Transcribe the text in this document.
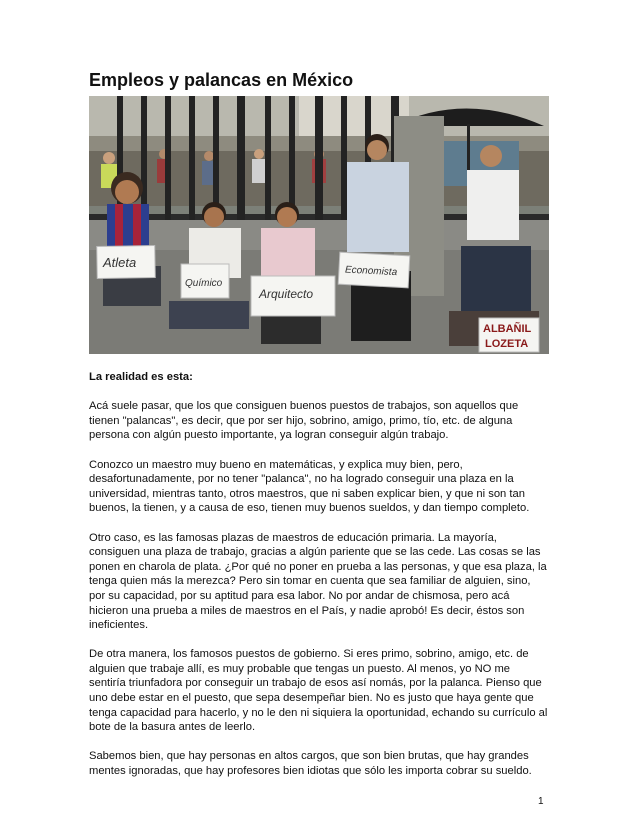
Empleos y palancas en México
Atleta
Químico
Arquitecto
Economista
ALBAÑIL
LOZETA

La realidad es esta:

Acá suele pasar, que los que consiguen buenos puestos de trabajos, son aquellos que tienen "palancas", es decir, que por ser hijo, sobrino, amigo, primo, tío, etc. de alguna persona con algún puesto importante, ya logran conseguir algún trabajo.

Conozco un maestro muy bueno en matemáticas, y explica muy bien, pero, desafortunadamente, por no tener "palanca", no ha logrado conseguir una plaza en la universidad, mientras tanto, otros maestros, que ni saben explicar bien, y que ni son tan buenos, la tienen, y a causa de eso, tienen muy buenos sueldos, y dan tiempo completo.

Otro caso, es las famosas plazas de maestros de educación primaria. La mayoría, consiguen una plaza de trabajo, gracias a algún pariente que se las cede. Las cosas se las ponen en charola de plata. ¿Por qué no poner en prueba a las personas, y que esa plaza, la tenga quien más la merezca? Pero sin tomar en cuenta que sea familiar de alguien, sino, por su capacidad, por su aptitud para esa labor. No por andar de chismosa, pero acá hicieron una prueba a miles de maestros en el País, y nadie aprobó! Es decir, éstos son ineficientes.

De otra manera, los famosos puestos de gobierno. Si eres primo, sobrino, amigo, etc. de alguien que trabaje allí, es muy probable que tengas un puesto. Al menos, yo NO me sentiría triunfadora por conseguir un trabajo de esos así nomás, por la palanca. Pienso que uno debe estar en el puesto, que sepa desempeñar bien. No es justo que haya gente que tenga capacidad para hacerlo, y no le den ni siquiera la oportunidad, echando su currículo al bote de la basura antes de leerlo.

Sabemos bien, que hay personas en altos cargos, que son bien brutas, que hay grandes mentes ignoradas, que hay profesores bien idiotas que sólo les importa cobrar su sueldo.

1
